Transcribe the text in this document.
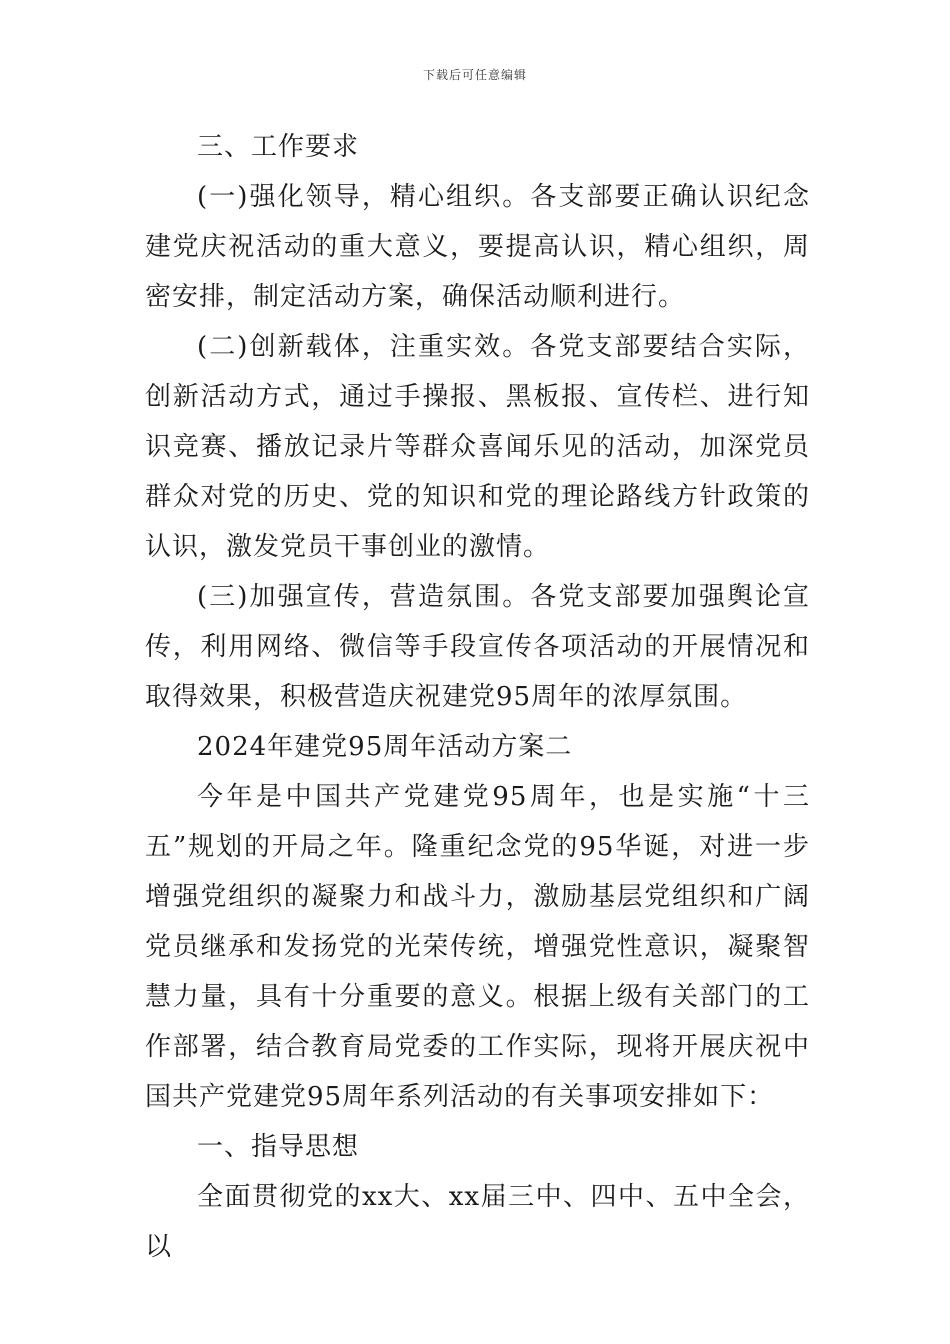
下载后可任意编辑

三、工作要求

(一)强化领导，精心组织。各支部要正确认识纪念建党庆祝活动的重大意义，要提高认识，精心组织，周密安排，制定活动方案，确保活动顺利进行。

(二)创新载体，注重实效。各党支部要结合实际，创新活动方式，通过手操报、黑板报、宣传栏、进行知识竞赛、播放记录片等群众喜闻乐见的活动，加深党员群众对党的历史、党的知识和党的理论路线方针政策的认识，激发党员干事创业的激情。

(三)加强宣传，营造氛围。各党支部要加强舆论宣传，利用网络、微信等手段宣传各项活动的开展情况和取得效果，积极营造庆祝建党95周年的浓厚氛围。

2024年建党95周年活动方案二

今年是中国共产党建党95周年，也是实施“十三五”规划的开局之年。隆重纪念党的95华诞，对进一步增强党组织的凝聚力和战斗力，激励基层党组织和广阔党员继承和发扬党的光荣传统，增强党性意识，凝聚智慧力量，具有十分重要的意义。根据上级有关部门的工作部署，结合教育局党委的工作实际，现将开展庆祝中国共产党建党95周年系列活动的有关事项安排如下：

一、指导思想

全面贯彻党的xx大、xx届三中、四中、五中全会，以
